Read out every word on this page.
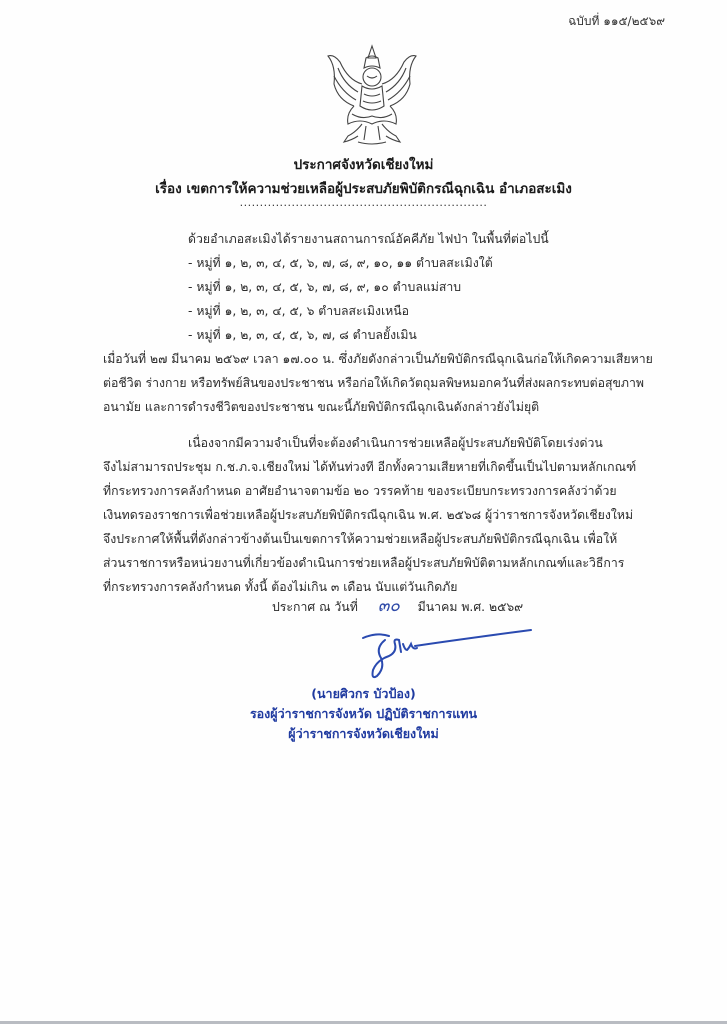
ฉบับที่ ๑๑๕/๒๕๖๙
ประกาศจังหวัดเชียงใหม่
เรื่อง เขตการให้ความช่วยเหลือผู้ประสบภัยพิบัติกรณีฉุกเฉิน อำเภอสะเมิง
..............................................................
ด้วยอำเภอสะเมิงได้รายงานสถานการณ์อัคคีภัย ไฟป่า ในพื้นที่ต่อไปนี้
- หมู่ที่ ๑, ๒, ๓, ๔, ๕, ๖, ๗, ๘, ๙, ๑๐, ๑๑ ตำบลสะเมิงใต้
- หมู่ที่ ๑, ๒, ๓, ๔, ๕, ๖, ๗, ๘, ๙, ๑๐ ตำบลแม่สาบ
- หมู่ที่ ๑, ๒, ๓, ๔, ๕, ๖ ตำบลสะเมิงเหนือ
- หมู่ที่ ๑, ๒, ๓, ๔, ๕, ๖, ๗, ๘ ตำบลยั้งเมิน
เมื่อวันที่ ๒๗ มีนาคม ๒๕๖๙ เวลา ๑๗.๐๐ น. ซึ่งภัยดังกล่าวเป็นภัยพิบัติกรณีฉุกเฉินก่อให้เกิดความเสียหาย
ต่อชีวิต ร่างกาย หรือทรัพย์สินของประชาชน หรือก่อให้เกิดวัตถุมลพิษหมอกควันที่ส่งผลกระทบต่อสุขภาพ
อนามัย และการดำรงชีวิตของประชาชน ขณะนี้ภัยพิบัติกรณีฉุกเฉินดังกล่าวยังไม่ยุติ
เนื่องจากมีความจำเป็นที่จะต้องดำเนินการช่วยเหลือผู้ประสบภัยพิบัติโดยเร่งด่วน
จึงไม่สามารถประชุม ก.ช.ภ.จ.เชียงใหม่ ได้ทันท่วงที อีกทั้งความเสียหายที่เกิดขึ้นเป็นไปตามหลักเกณฑ์
ที่กระทรวงการคลังกำหนด อาศัยอำนาจตามข้อ ๒๐ วรรคท้าย ของระเบียบกระทรวงการคลังว่าด้วย
เงินทดรองราชการเพื่อช่วยเหลือผู้ประสบภัยพิบัติกรณีฉุกเฉิน พ.ศ. ๒๕๖๘ ผู้ว่าราชการจังหวัดเชียงใหม่
จึงประกาศให้พื้นที่ดังกล่าวข้างต้นเป็นเขตการให้ความช่วยเหลือผู้ประสบภัยพิบัติกรณีฉุกเฉิน เพื่อให้
ส่วนราชการหรือหน่วยงานที่เกี่ยวข้องดำเนินการช่วยเหลือผู้ประสบภัยพิบัติตามหลักเกณฑ์และวิธีการ
ที่กระทรวงการคลังกำหนด ทั้งนี้ ต้องไม่เกิน ๓ เดือน นับแต่วันเกิดภัย
ประกาศ ณ วันที่ ๓๐ มีนาคม พ.ศ. ๒๕๖๙
(นายศิวกร บัวป้อง)
รองผู้ว่าราชการจังหวัด ปฏิบัติราชการแทน
ผู้ว่าราชการจังหวัดเชียงใหม่
